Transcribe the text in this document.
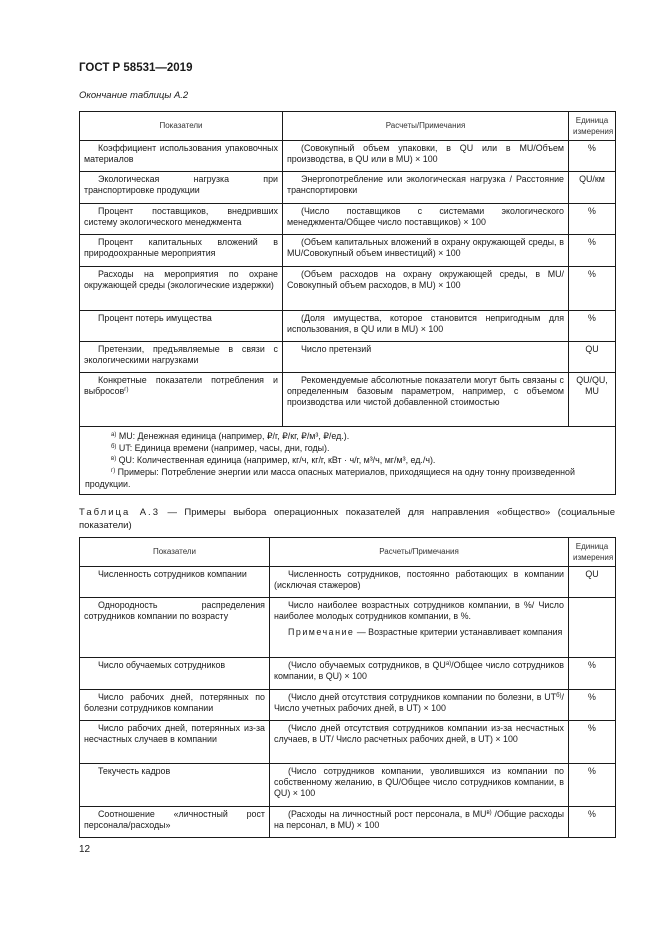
ГОСТ Р 58531—2019
Окончание таблицы А.2
Показатели	Расчеты/Примечания	Единица измерения
Коэффициент использования упаковочных материалов	(Совокупный объем упаковки, в QU или в MU/Объем производства, в QU или в MU) × 100	%
Экологическая нагрузка при транспортировке продукции	Энергопотребление или экологическая нагрузка / Расстояние транспортировки	QU/км
Процент поставщиков, внедривших систему экологического менеджмента	(Число поставщиков с системами экологического менеджмента/Общее число поставщиков) × 100	%
Процент капитальных вложений в природоохранные мероприятия	(Объем капитальных вложений в охрану окружающей среды, в MU/Совокупный объем инвестиций) × 100	%
Расходы на мероприятия по охране окружающей среды (экологические издержки)	(Объем расходов на охрану окружающей среды, в MU/Совокупный объем расходов, в MU) × 100	%
Процент потерь имущества	(Доля имущества, которое становится непригодным для использования, в QU или в MU) × 100	%
Претензии, предъявляемые в связи с экологическими нагрузками	Число претензий	QU
Конкретные показатели потребления и выбросов$^{г)}$	Рекомендуемые абсолютные показатели могут быть связаны с определенным базовым параметром, например, с объемом производства или чистой добавленной стоимостью	QU/QU, MU

$^{а)}$ MU: Денежная единица (например, ₽/г, ₽/кг, ₽/м³, ₽/ед.).
$^{б)}$ UT: Единица времени (например, часы, дни, годы).
$^{в)}$ QU: Количественная единица (например, кг/ч, кг/г, кВт · ч/г, м³/ч, мг/м³, ед./ч).
$^{г)}$ Примеры: Потребление энергии или масса опасных материалов, приходящиеся на одну тонну произведенной продукции.		
Таблица А.3 — Примеры выбора операционных показателей для направления «общество» (социальные показатели)
Показатели	Расчеты/Примечания	Единица измерения
Численность сотрудников компании	Численность сотрудников, постоянно работающих в компании (исключая стажеров)	QU
Однородность распределения сотрудников компании по возрасту	Число наиболее возрастных сотрудников компании, в %/ Число наиболее молодых сотрудников компании, в %.
Примечание — Возрастные критерии устанавливает компания	

Число обучаемых сотрудников	(Число обучаемых сотрудников, в $QU^{а)}$/Общее число сотрудников компании, в QU) × 100	%
Число рабочих дней, потерянных по болезни сотрудников компании	(Число дней отсутствия сотрудников компании по болезни, в $UT^{б)}$/Число учетных рабочих дней, в UT) × 100	%
Число рабочих дней, потерянных из-за несчастных случаев в компании	(Число дней отсутствия сотрудников компании из-за несчастных случаев, в UT/ Число расчетных рабочих дней, в UT) × 100	%
Текучесть кадров	(Число сотрудников компании, уволившихся из компании по собственному желанию, в QU/Общее число сотрудников компании, в QU) × 100	%
Соотношение «личностный рост персонала/расходы»	(Расходы на личностный рост персонала, в $MU^{в)}$ /Общие расходы на персонал, в MU) × 100	%
12
